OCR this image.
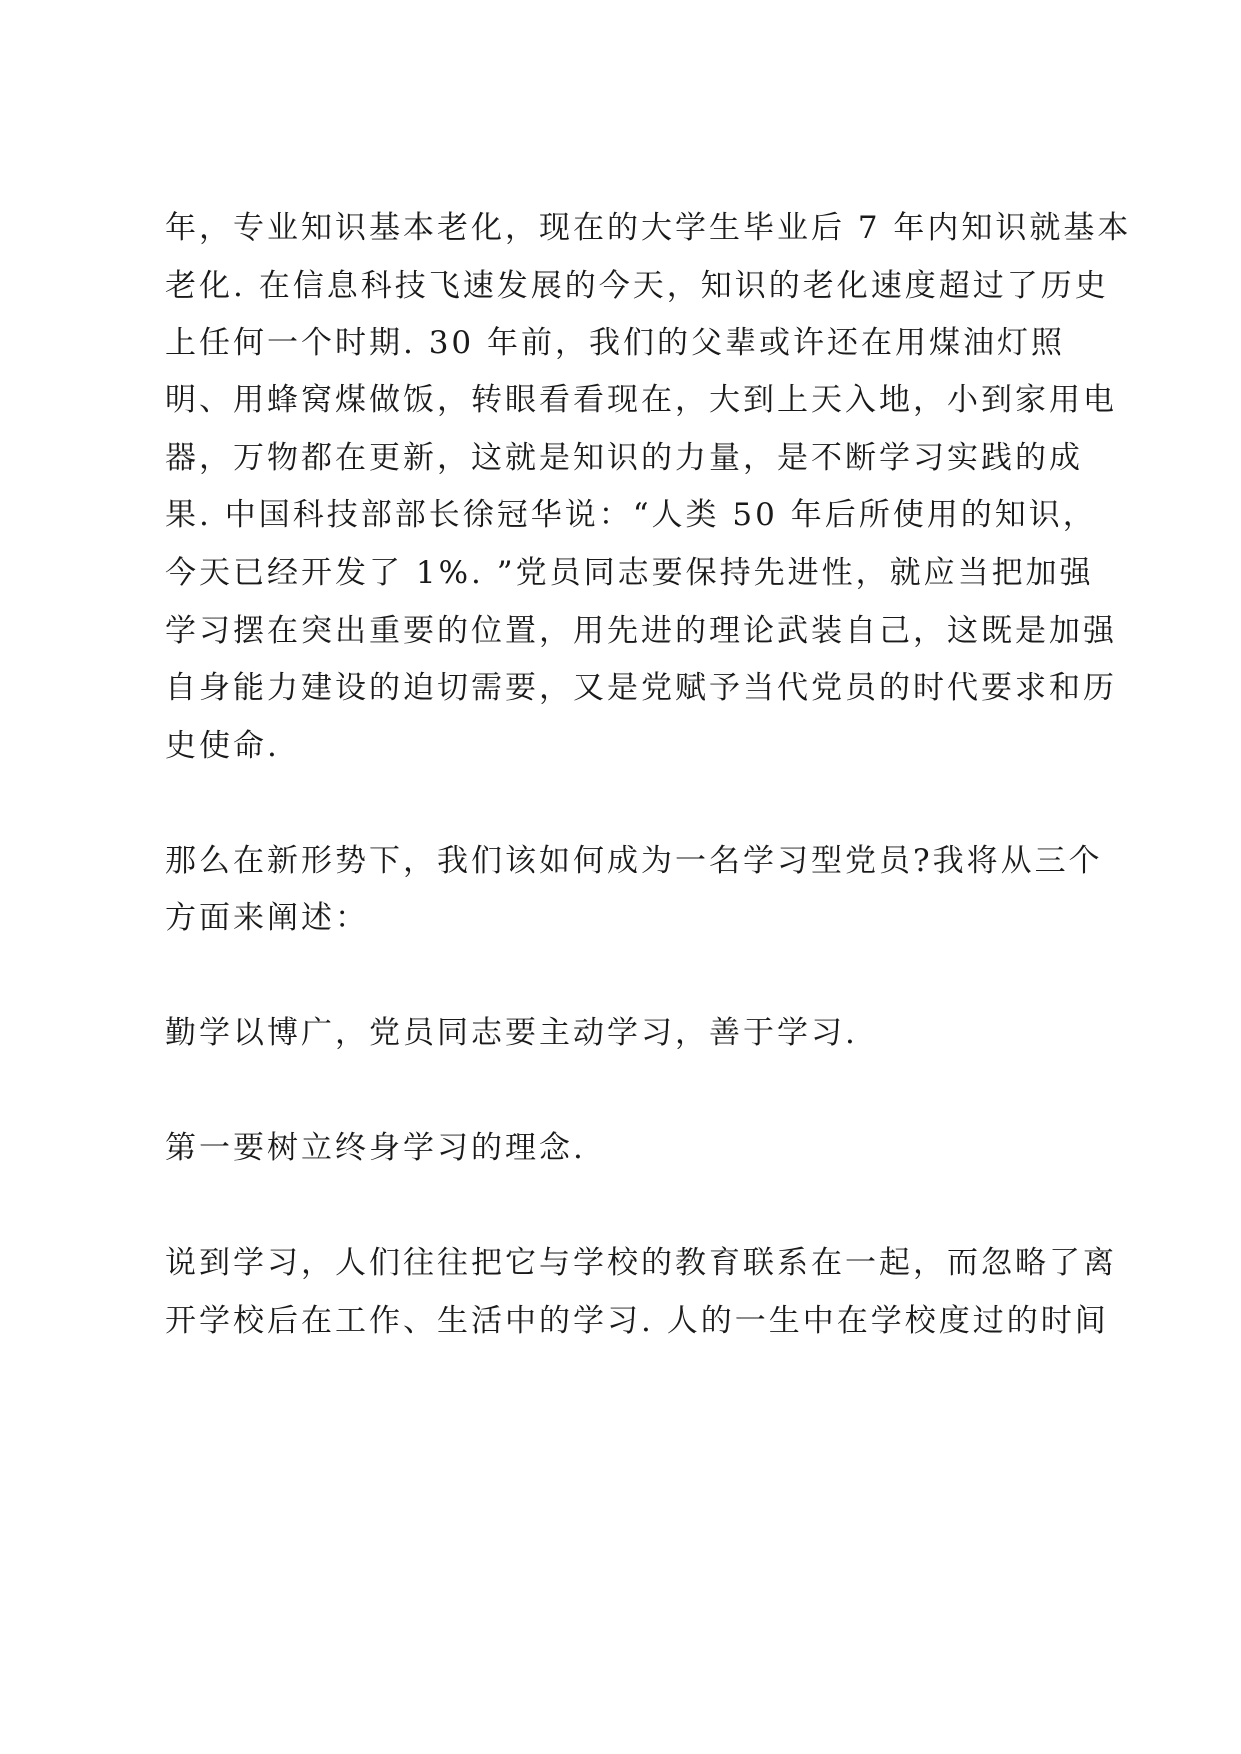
年，专业知识基本老化，现在的大学生毕业后 7 年内知识就基本
老化. 在信息科技飞速发展的今天，知识的老化速度超过了历史
上任何一个时期. 30 年前，我们的父辈或许还在用煤油灯照
明、用蜂窝煤做饭，转眼看看现在，大到上天入地，小到家用电
器，万物都在更新，这就是知识的力量，是不断学习实践的成
果. 中国科技部部长徐冠华说：“人类 50 年后所使用的知识，
今天已经开发了 1%. ”党员同志要保持先进性，就应当把加强
学习摆在突出重要的位置，用先进的理论武装自己，这既是加强
自身能力建设的迫切需要，又是党赋予当代党员的时代要求和历
史使命.
那么在新形势下，我们该如何成为一名学习型党员?我将从三个
方面来阐述：
勤学以博广，党员同志要主动学习，善于学习.
第一要树立终身学习的理念.
说到学习，人们往往把它与学校的教育联系在一起，而忽略了离
开学校后在工作、生活中的学习. 人的一生中在学校度过的时间
